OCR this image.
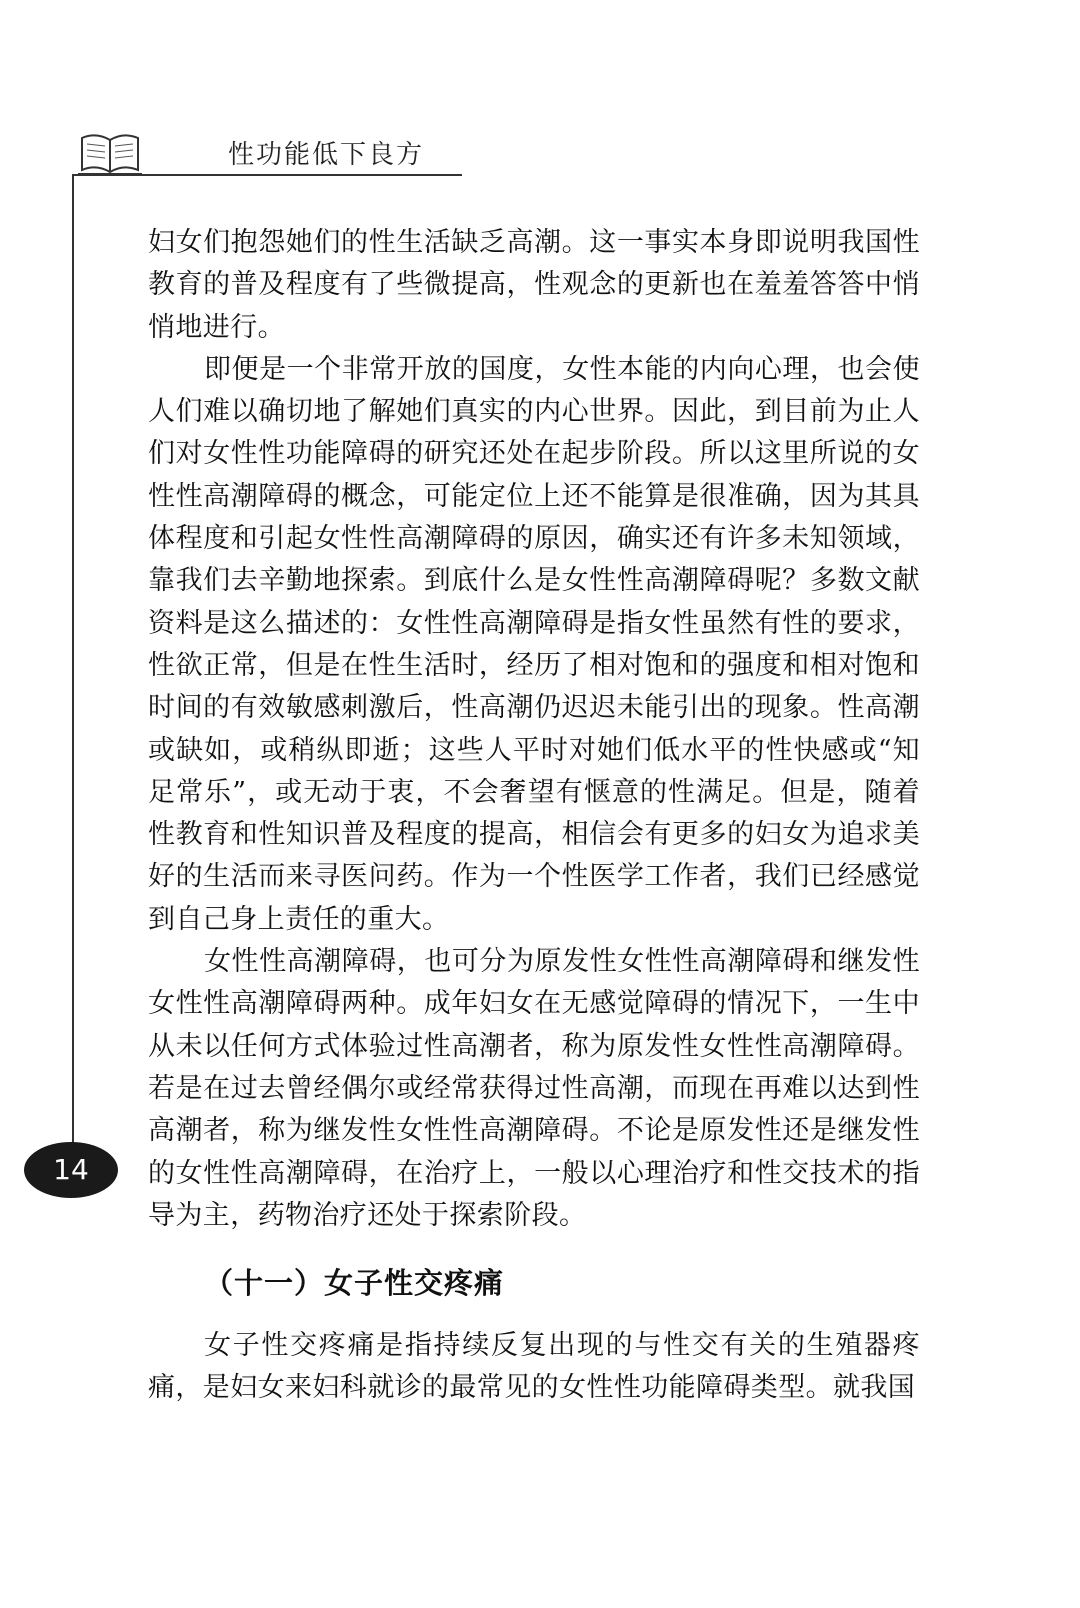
性功能低下良方
14

妇女们抱怨她们的性生活缺乏高潮。这一事实本身即说明我国性教育的普及程度有了些微提高，性观念的更新也在羞羞答答中悄悄地进行。

即便是一个非常开放的国度，女性本能的内向心理，也会使人们难以确切地了解她们真实的内心世界。因此，到目前为止人们对女性性功能障碍的研究还处在起步阶段。所以这里所说的女性性高潮障碍的概念，可能定位上还不能算是很准确，因为其具体程度和引起女性性高潮障碍的原因，确实还有许多未知领域，靠我们去辛勤地探索。到底什么是女性性高潮障碍呢？多数文献资料是这么描述的：女性性高潮障碍是指女性虽然有性的要求，性欲正常，但是在性生活时，经历了相对饱和的强度和相对饱和时间的有效敏感刺激后，性高潮仍迟迟未能引出的现象。性高潮或缺如，或稍纵即逝；这些人平时对她们低水平的性快感或“知足常乐”，或无动于衷，不会奢望有惬意的性满足。但是，随着性教育和性知识普及程度的提高，相信会有更多的妇女为追求美好的生活而来寻医问药。作为一个性医学工作者，我们已经感觉到自己身上责任的重大。

女性性高潮障碍，也可分为原发性女性性高潮障碍和继发性女性性高潮障碍两种。成年妇女在无感觉障碍的情况下，一生中从未以任何方式体验过性高潮者，称为原发性女性性高潮障碍。若是在过去曾经偶尔或经常获得过性高潮，而现在再难以达到性高潮者，称为继发性女性性高潮障碍。不论是原发性还是继发性的女性性高潮障碍，在治疗上，一般以心理治疗和性交技术的指导为主，药物治疗还处于探索阶段。

（十一）女子性交疼痛

女子性交疼痛是指持续反复出现的与性交有关的生殖器疼痛，是妇女来妇科就诊的最常见的女性性功能障碍类型。就我国
